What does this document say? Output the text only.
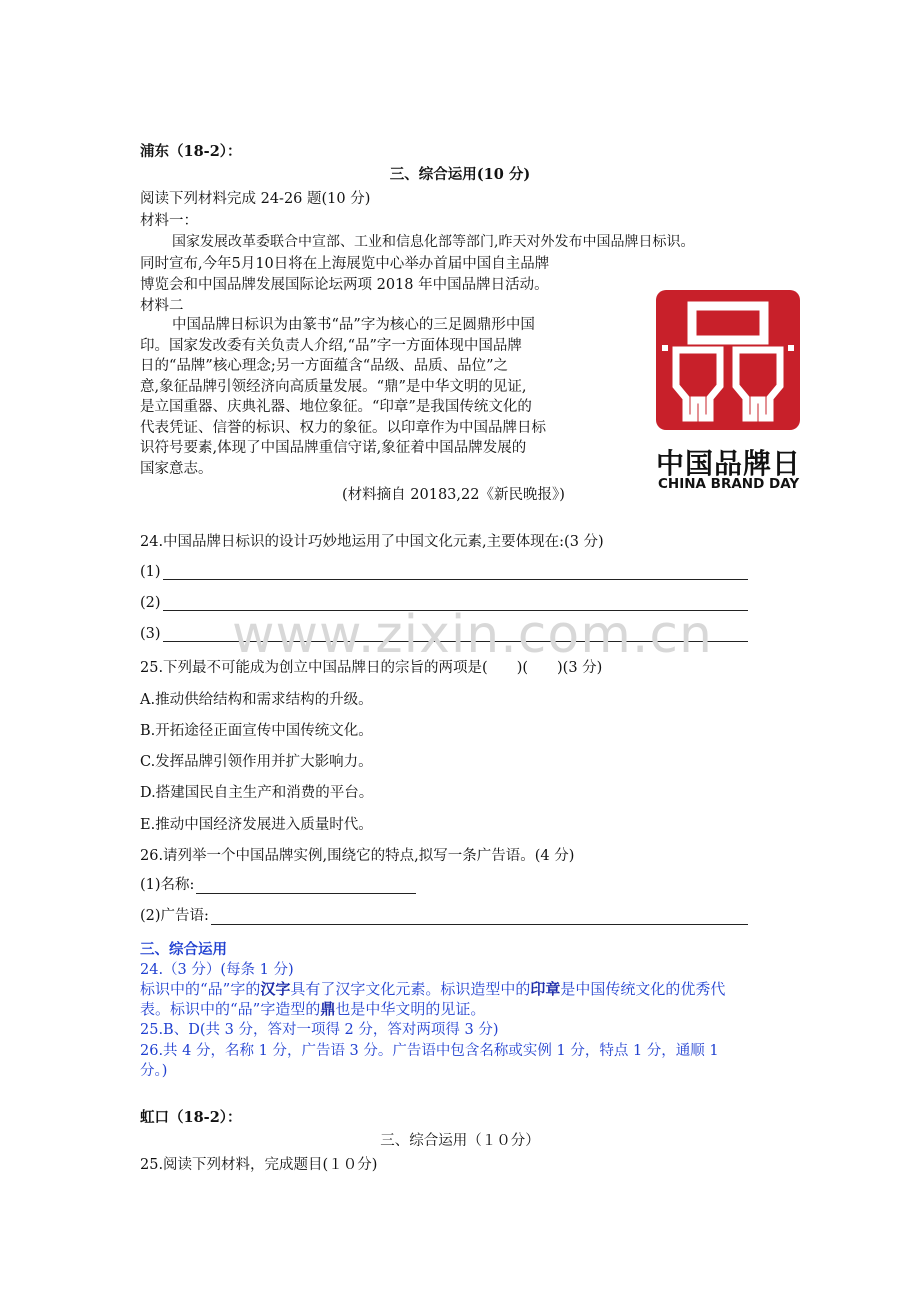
浦东（18-2）：
三、综合运用(10 分)
阅读下列材料完成 24-26 题(10 分)
材料一：
国家发展改革委联合中宣部、工业和信息化部等部门,昨天对外发布中国品牌日标识。
同时宣布,今年5月10日将在上海展览中心举办首届中国自主品牌
博览会和中国品牌发展国际论坛两项 2018 年中国品牌日活动。
材料二
中国品牌日标识为由篆书“品”字为核心的三足圆鼎形中国
印。国家发改委有关负责人介绍,“品”字一方面体现中国品牌
日的“品牌”核心理念;另一方面蕴含“品级、品质、品位”之
意,象征品牌引领经济向高质量发展。“鼎”是中华文明的见证,
是立国重器、庆典礼器、地位象征。“印章”是我国传统文化的
代表凭证、信誉的标识、权力的象征。以印章作为中国品牌日标
识符号要素,体现了中国品牌重信守诺,象征着中国品牌发展的
国家意志。
(材料摘自 20183,22《新民晚报》)
中国品牌日
CHINA BRAND DAY
24.中国品牌日标识的设计巧妙地运用了中国文化元素,主要体现在:(3 分)
(1)
(2)
(3) www.zixin.com.cn
25.下列最不可能成为创立中国品牌日的宗旨的两项是(　　)(　　)(3 分)
A.推动供给结构和需求结构的升级。
B.开拓途径正面宣传中国传统文化。
C.发挥品牌引领作用并扩大影响力。
D.搭建国民自主生产和消费的平台。
E.推动中国经济发展进入质量时代。
26.请列举一个中国品牌实例,围绕它的特点,拟写一条广告语。(4 分)
(1)名称:
(2)广告语:
三、综合运用
24.（3 分）(每条 1 分)
标识中的“品”字的汉字具有了汉字文化元素。标识造型中的印章是中国传统文化的优秀代
表。标识中的“品”字造型的鼎也是中华文明的见证。
25.B、D(共 3 分，答对一项得 2 分，答对两项得 3 分)
26.共 4 分，名称 1 分，广告语 3 分。广告语中包含名称或实例 1 分，特点 1 分，通顺 1
分。)
虹口（18-2）：
三、综合运用（１０分）
25.阅读下列材料，完成题目(１０分)
